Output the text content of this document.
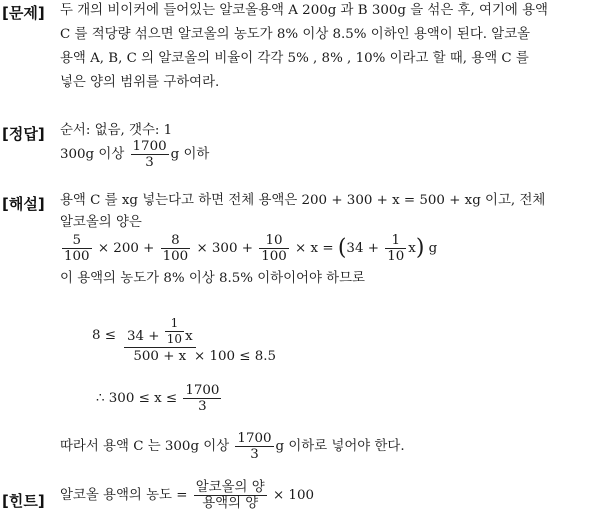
[문제] 두 개의 비이커에 들어있는 알코올용액 A 200g 과 B 300g 을 섞은 후, 여기에 용액
C 를 적당량 섞으면 알코올의 농도가 8% 이상 8.5% 이하인 용액이 된다. 알코올
용액 A, B, C 의 알코올의 비율이 각각 5% , 8% , 10% 이라고 할 때, 용액 C 를
넣은 양의 범위를 구하여라.
[정답] 순서: 없음, 갯수: 1
300g 이상 $\frac{1700}{3}$ g 이하
[해설] 용액 C 를 xg 넣는다고 하면 전체 용액은 200 + 300 + x = 500 + xg 이고, 전체
알코올의 양은
$\frac{5}{100} \times 200 + \frac{8}{100} \times 300 + \frac{10}{100} \times x = (34 + \frac{1}{10} x)$ g
이 용액의 농도가 8% 이상 8.5% 이하이어야 하므로
$8 \le 34 + \frac{1}{10}$ x
500 + x × 100 ≤ 8.5
∴ $300 \le x \le \frac{1700}{3}$
따라서 용액 C 는 300g 이상 $\frac{1700}{3}$ g 이하로 넣어야 한다.
[힌트] 알코올 용액의 농도 = $\frac{\text{알코올의 양}}{\text{용액의 양}} \times 100$
